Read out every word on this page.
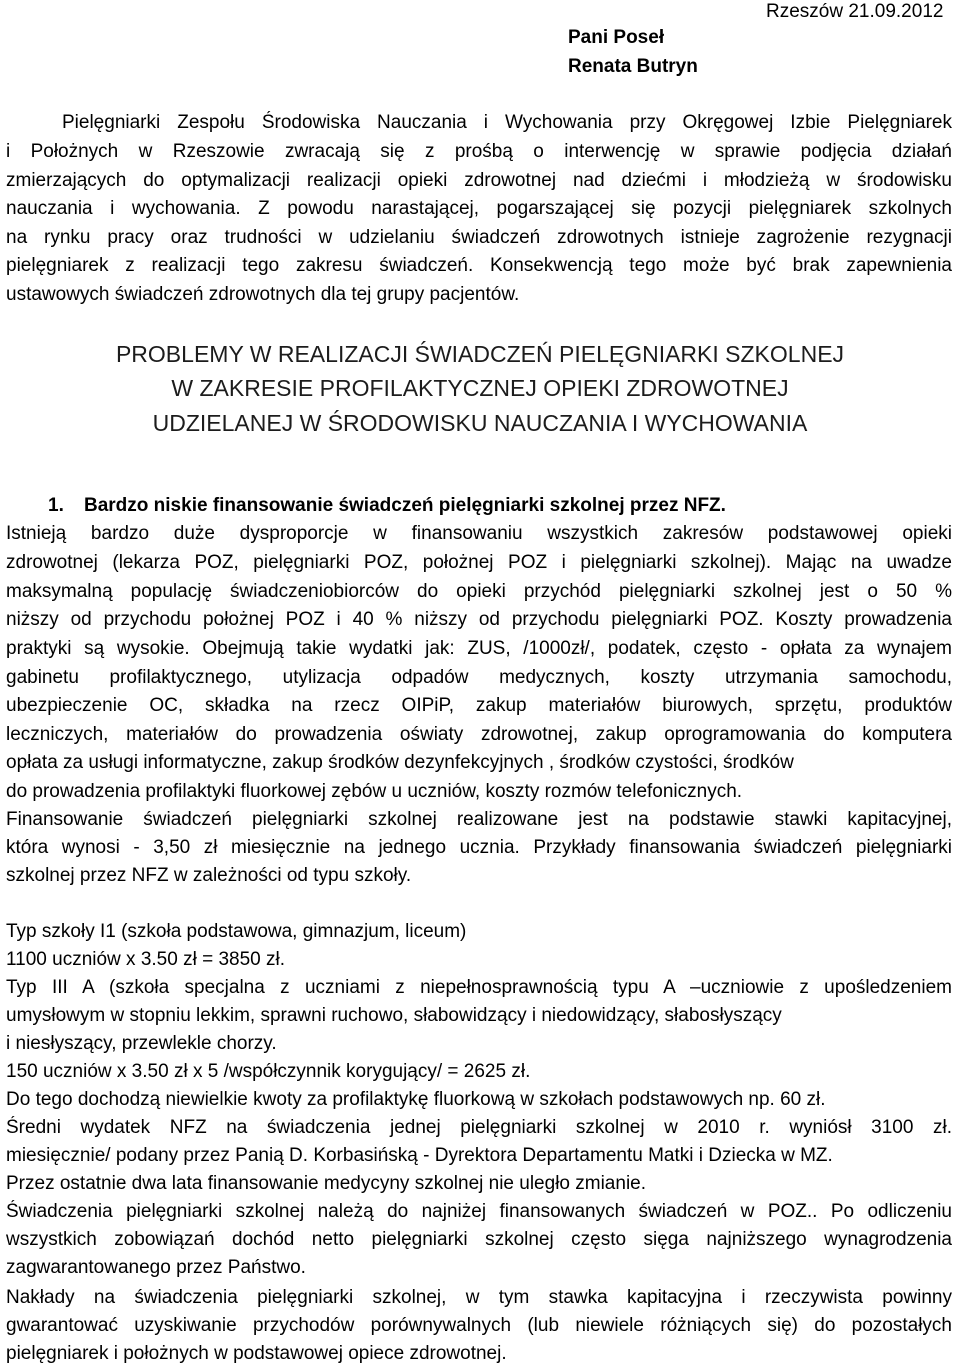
Rzeszów 21.09.2012
Pani Poseł
Renata Butryn
Pielęgniarki Zespołu Środowiska Nauczania i Wychowania przy Okręgowej Izbie Pielęgniarek
i Położnych w Rzeszowie zwracają się z prośbą o interwencję w sprawie podjęcia działań
zmierzających do optymalizacji realizacji opieki zdrowotnej nad dziećmi i młodzieżą w środowisku
nauczania i wychowania. Z powodu narastającej, pogarszającej się pozycji pielęgniarek szkolnych
na rynku pracy oraz trudności w udzielaniu świadczeń zdrowotnych istnieje zagrożenie rezygnacji
pielęgniarek z realizacji tego zakresu świadczeń. Konsekwencją tego może być brak zapewnienia
ustawowych świadczeń zdrowotnych dla tej grupy pacjentów.
PROBLEMY W REALIZACJI ŚWIADCZEŃ PIELĘGNIARKI SZKOLNEJ
W ZAKRESIE PROFILAKTYCZNEJ OPIEKI ZDROWOTNEJ
UDZIELANEJ W ŚRODOWISKU NAUCZANIA I WYCHOWANIA
1. Bardzo niskie finansowanie świadczeń pielęgniarki szkolnej przez NFZ.
Istnieją bardzo duże dysproporcje w finansowaniu wszystkich zakresów podstawowej opieki
zdrowotnej (lekarza POZ, pielęgniarki POZ, położnej POZ i pielęgniarki szkolnej). Mając na uwadze
maksymalną populację świadczeniobiorców do opieki przychód pielęgniarki szkolnej jest o 50 %
niższy od przychodu położnej POZ i 40 % niższy od przychodu pielęgniarki POZ. Koszty prowadzenia
praktyki są wysokie. Obejmują takie wydatki jak: ZUS, /1000zł/, podatek, często - opłata za wynajem
gabinetu profilaktycznego, utylizacja odpadów medycznych, koszty utrzymania samochodu,
ubezpieczenie OC, składka na rzecz OIPiP, zakup materiałów biurowych, sprzętu, produktów
leczniczych, materiałów do prowadzenia oświaty zdrowotnej, zakup oprogramowania do komputera
opłata za usługi informatyczne, zakup środków dezynfekcyjnych , środków czystości, środków
do prowadzenia profilaktyki fluorkowej zębów u uczniów, koszty rozmów telefonicznych.
Finansowanie świadczeń pielęgniarki szkolnej realizowane jest na podstawie stawki kapitacyjnej,
która wynosi - 3,50 zł miesięcznie na jednego ucznia. Przykłady finansowania świadczeń pielęgniarki
szkolnej przez NFZ w zależności od typu szkoły.
Typ szkoły I1 (szkoła podstawowa, gimnazjum, liceum)
1100 uczniów x 3.50 zł = 3850 zł.
Typ III A (szkoła specjalna z uczniami z niepełnosprawnością typu A –uczniowie z upośledzeniem
umysłowym w stopniu lekkim, sprawni ruchowo, słabowidzący i niedowidzący, słabosłyszący
i niesłyszący, przewlekle chorzy.
150 uczniów x 3.50 zł x 5 /współczynnik korygujący/ = 2625 zł.
Do tego dochodzą niewielkie kwoty za profilaktykę fluorkową w szkołach podstawowych np. 60 zł.
Średni wydatek NFZ na świadczenia jednej pielęgniarki szkolnej w 2010 r. wyniósł 3100 zł.
miesięcznie/ podany przez Panią D. Korbasińską - Dyrektora Departamentu Matki i Dziecka w MZ.
Przez ostatnie dwa lata finansowanie medycyny szkolnej nie uległo zmianie.
Świadczenia pielęgniarki szkolnej należą do najniżej finansowanych świadczeń w POZ.. Po odliczeniu
wszystkich zobowiązań dochód netto pielęgniarki szkolnej często sięga najniższego wynagrodzenia
zagwarantowanego przez Państwo.
Nakłady na świadczenia pielęgniarki szkolnej, w tym stawka kapitacyjna i rzeczywista powinny
gwarantować uzyskiwanie przychodów porównywalnych (lub niewiele różniących się) do pozostałych
pielęgniarek i położnych w podstawowej opiece zdrowotnej.
